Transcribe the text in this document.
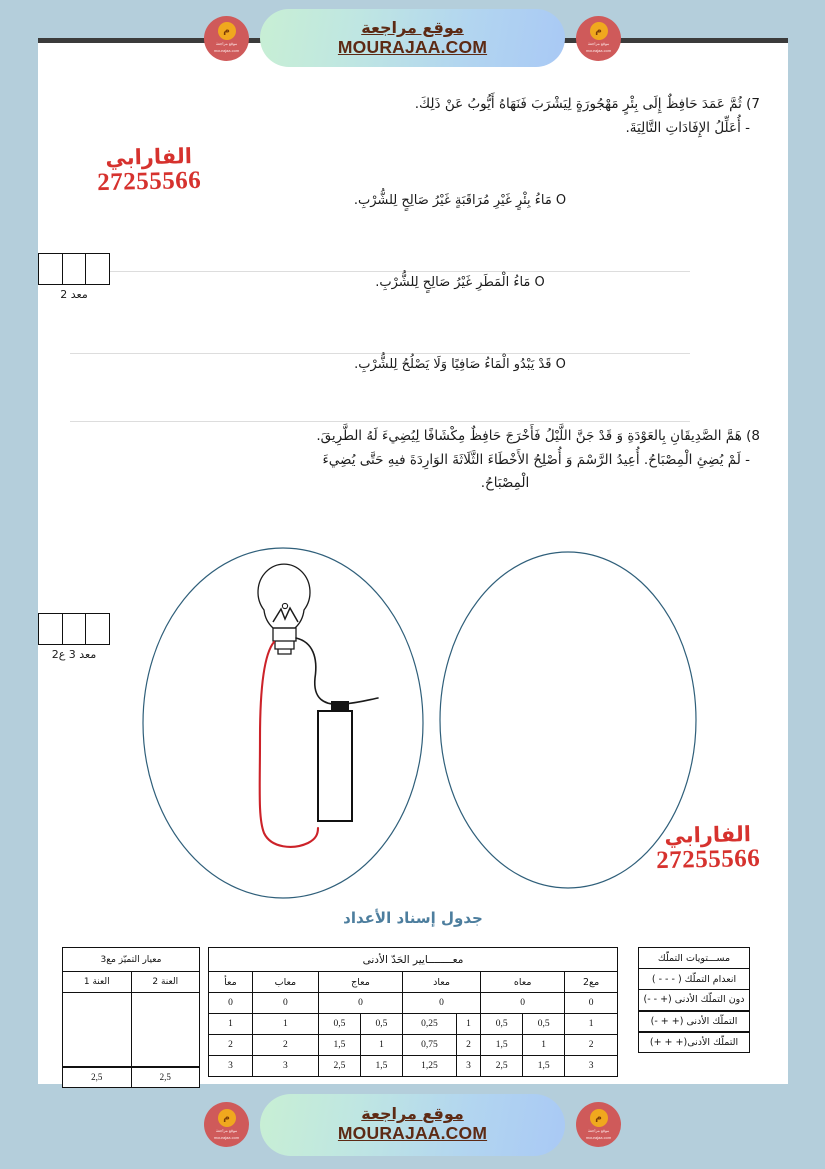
م
موقع مراجعة
mourajaa.com
موقع مراجعة
MOURAJAA.COM
م
موقع مراجعة
mourajaa.com
7) ثُمَّ عَمَدَ حَافِظٌ إِلَى بِئْرٍ مَهْجُورَةٍ لِيَشْرَبَ فَنَهَاهُ أَيُّوبُ عَنْ ذَلِكَ.
- أُعَلِّلُ الإِفَادَاتِ التَّالِيَةَ.
O مَاءُ بِئْرٍ غَيْرِ مُرَاقَبَةٍ غَيْرُ صَالِحٍ لِلشُّرْبِ.
O مَاءُ الْمَطَرِ غَيْرُ صَالِحٍ لِلشُّرْبِ.
O قَدْ يَبْدُو الْمَاءُ صَافِيًا وَلَا يَصْلُحُ لِلشُّرْبِ.
معد 2
8) هَمَّ الصَّدِيقَانِ بِالعَوْدَةِ وَ قَدْ جَنَّ اللَّيْلُ فَأَخْرَجَ حَافِظٌ مِكْشَافًا لِيُضِيءَ لَهُ الطَّرِيقَ.
- لَمْ يُضِئِ الْمِصْبَاحُ. أُعِيدُ الرَّسْمَ وَ أُصْلِحُ الأَخْطَاءَ الثَّلَاثَةَ الوَارِدَةَ فيهِ حَتَّى يُضِيءَ
الْمِصْبَاحُ.
معد 3 ع2
جدول إسناد الأعداد
مســـتويات التملّك
انعدام التملّك ( - - - )
دون التملّك الأدنى (+ - -)
التملّك الأدنى (+ + -)
التملّك الأدنى(+ + +)
معــــــــايير الحَدّ الأدنى								
مع2	معاه		معاد		معاج		معاب	معأ
0	0		0		0		0	0
1	0,5	0,5	1	0,25	0,5	0,5	1	1
2	1	1,5	2	0,75	1	1,5	2	2
3	1,5	2,5	3	1,25	1,5	2,5	3	3
معيار التميّز مع3	
العنة 2	العنة 1

2,5	2,5
الفارابي
27255566
الفارابي
27255566
م
موقع مراجعة
mourajaa.com
موقع مراجعة
MOURAJAA.COM
م
موقع مراجعة
mourajaa.com
